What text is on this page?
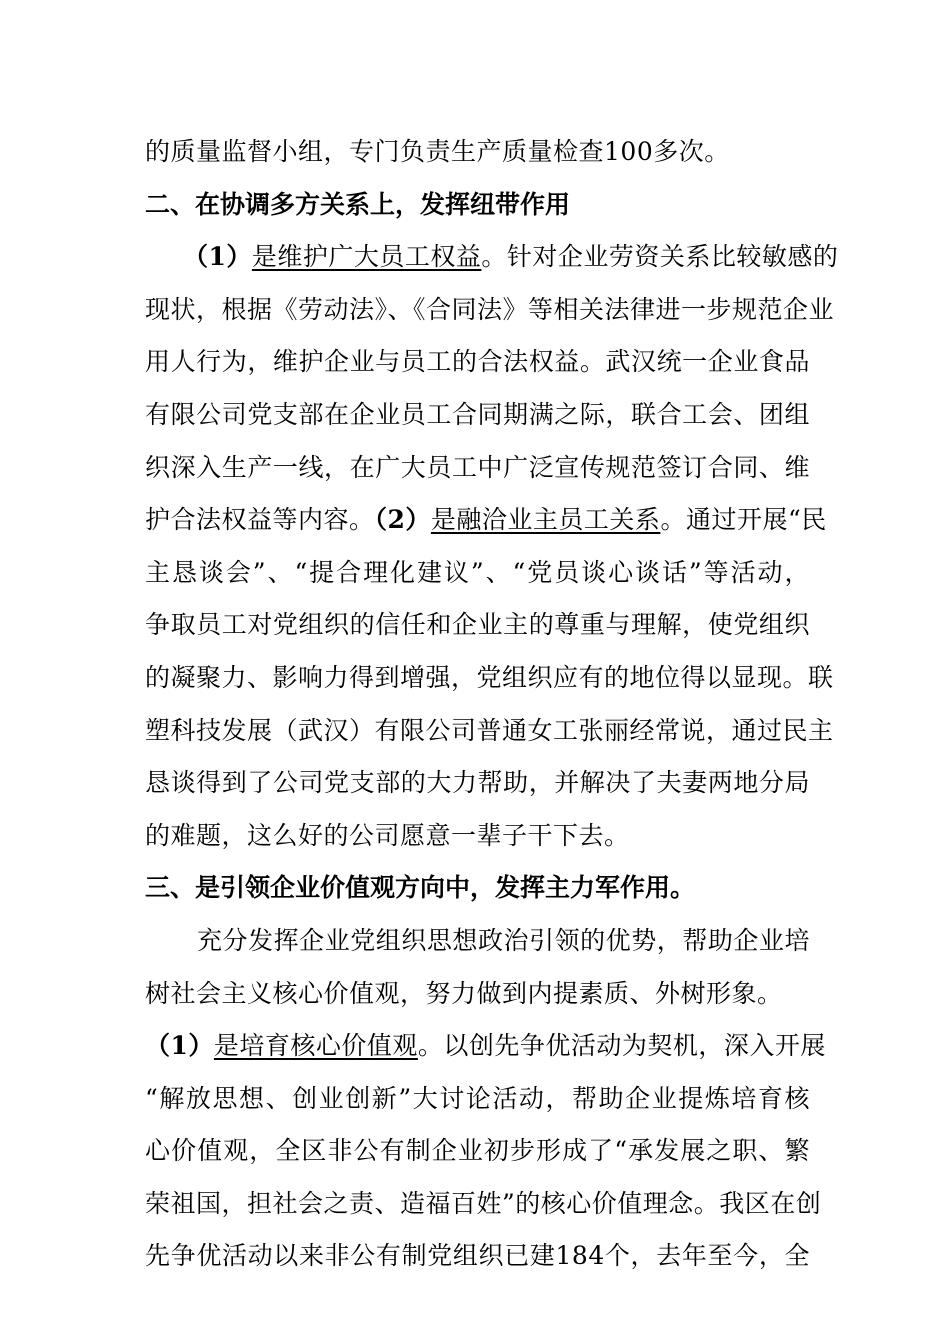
的质量监督小组，专门负责生产质量检查100多次。
二、在协调多方关系上，发挥纽带作用
（1）是维护广大员工权益。针对企业劳资关系比较敏感的
现状，根据《劳动法》、《合同法》等相关法律进一步规范企业
用人行为，维护企业与员工的合法权益。武汉统一企业食品
有限公司党支部在企业员工合同期满之际，联合工会、团组
织深入生产一线，在广大员工中广泛宣传规范签订合同、维
护合法权益等内容。（2）是融洽业主员工关系。通过开展“民
主恳谈会”、“提合理化建议”、“党员谈心谈话”等活动，
争取员工对党组织的信任和企业主的尊重与理解，使党组织
的凝聚力、影响力得到增强，党组织应有的地位得以显现。联
塑科技发展（武汉）有限公司普通女工张丽经常说，通过民主
恳谈得到了公司党支部的大力帮助，并解决了夫妻两地分局
的难题，这么好的公司愿意一辈子干下去。
三、是引领企业价值观方向中，发挥主力军作用。
充分发挥企业党组织思想政治引领的优势，帮助企业培
树社会主义核心价值观，努力做到内提素质、外树形象。
（1）是培育核心价值观。以创先争优活动为契机，深入开展
“解放思想、创业创新”大讨论活动，帮助企业提炼培育核
心价值观，全区非公有制企业初步形成了“承发展之职、繁
荣祖国，担社会之责、造福百姓”的核心价值理念。我区在创
先争优活动以来非公有制党组织已建184个，去年至今，全
